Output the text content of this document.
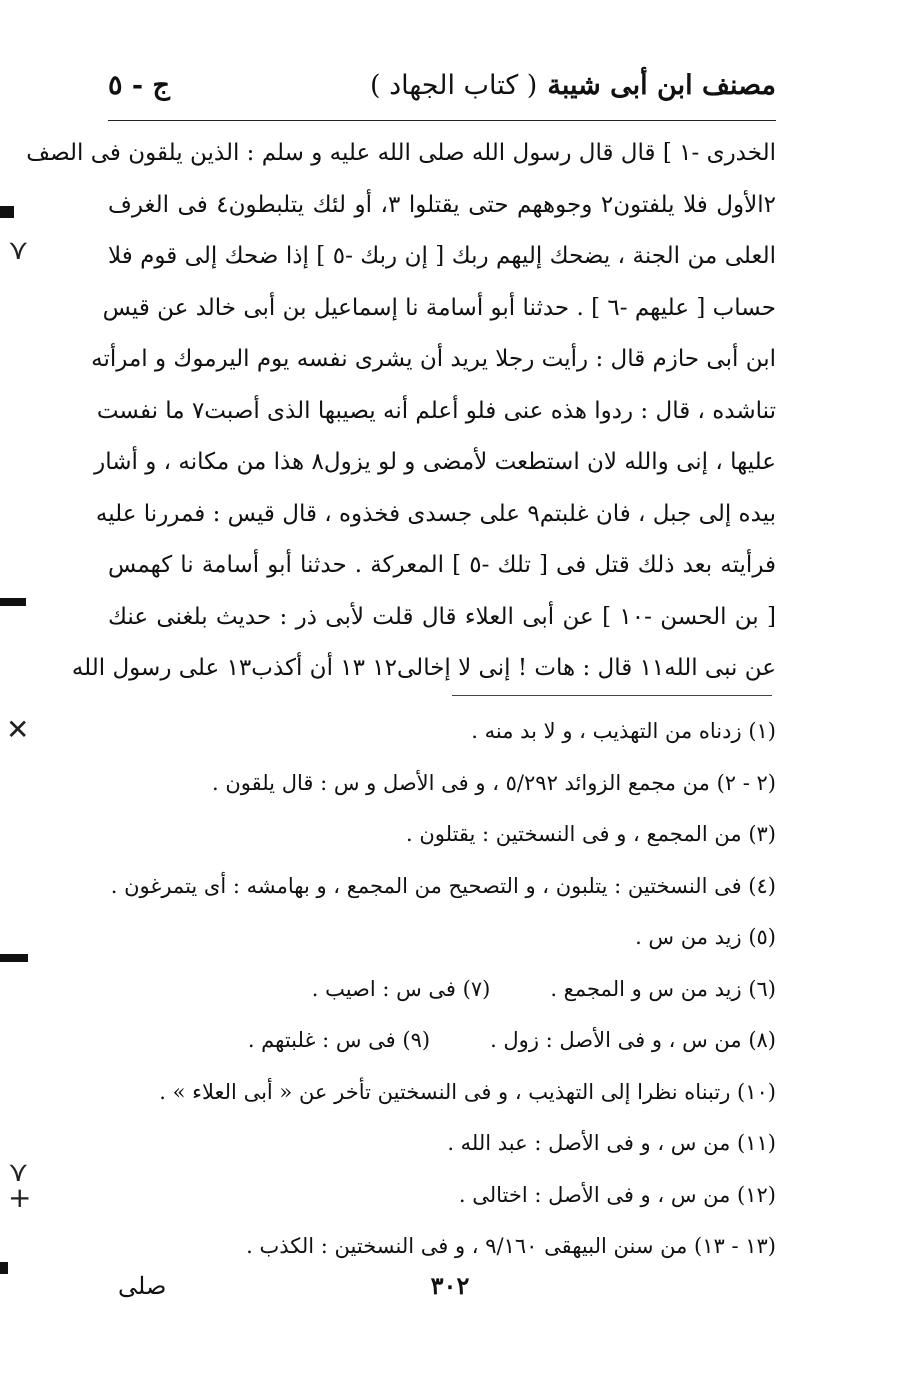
مصنف ابن أبى شيبة
( كتاب الجهاد )
ج - ٥
الخدرى -١ ] قال قال رسول الله صلى الله عليه و سلم : الذين يلقون فى الصف
٢الأول فلا يلفتون٢ وجوههم حتى يقتلوا ٣، أو لئك يتلبطون٤ فى الغرف
العلى من الجنة ، يضحك إليهم ربك [ إن ربك -٥ ] إذا ضحك إلى قوم فلا
حساب [ عليهم -٦ ] . حدثنا أبو أسامة نا إسماعيل بن أبى خالد عن قيس
ابن أبى حازم قال : رأيت رجلا يريد أن يشرى نفسه يوم اليرموك و امرأته
تناشده ، قال : ردوا هذه عنى فلو أعلم أنه يصيبها الذى أصبت٧ ما نفست
عليها ، إنى والله لان استطعت لأمضى و لو يزول٨ هذا من مكانه ، و أشار
بيده إلى جبل ، فان غلبتم٩ على جسدى فخذوه ، قال قيس : فمررنا عليه
فرأيته بعد ذلك قتل فى [ تلك -٥ ] المعركة . حدثنا أبو أسامة نا كهمس
[ بن الحسن -١٠ ] عن أبى العلاء قال قلت لأبى ذر : حديث بلغنى عنك
عن نبى الله١١ قال : هات ! إنى لا إخالى١٢ ١٣ أن أكذب١٣ على رسول الله
(١) زدناه من التهذيب ، و لا بد منه .
(٢ - ٢) من مجمع الزوائد ٥/٢٩٢ ، و فى الأصل و س : قال يلقون .
(٣) من المجمع ، و فى النسختين : يقتلون .
(٤) فى النسختين : يتلبون ، و التصحيح من المجمع ، و بهامشه : أى يتمرغون .
(٥) زيد من س .
(٦) زيد من س و المجمع .(٧) فى س : اصيب .
(٨) من س ، و فى الأصل : زول .(٩) فى س : غلبتهم .
(١٠) رتبناه نظرا إلى التهذيب ، و فى النسختين تأخر عن « أبى العلاء » .
(١١) من س ، و فى الأصل : عبد الله .
(١٢) من س ، و فى الأصل : اختالى .
(١٣ - ١٣) من سنن البيهقى ٩/١٦٠ ، و فى النسختين : الكذب .
٣٠٢
صلى
⋎
✕
⋎
+
